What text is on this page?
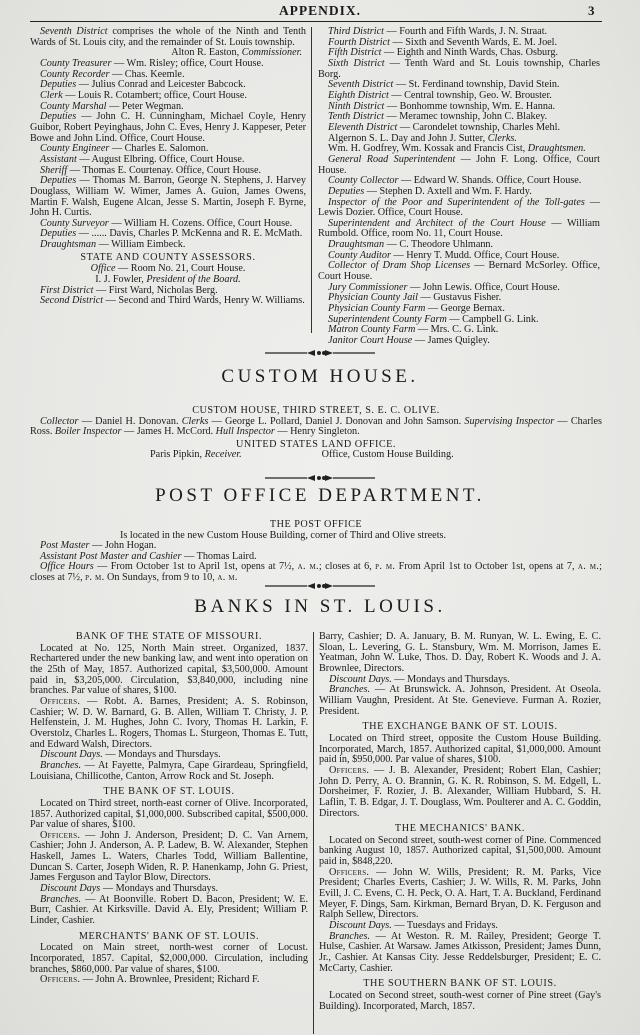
APPENDIX.	3

Seventh District comprises the whole of the Ninth and Tenth Wards of St. Louis city, and the remainder of St. Louis township.

Alton R. Easton, Commissioner.

County Treasurer — Wm. Risley; office, Court House.

County Recorder — Chas. Keemle.

Deputies — Julius Conrad and Leicester Babcock.

Clerk — Louis R. Cotambert; office, Court House.

County Marshal — Peter Wegman.

Deputies — John C. H. Cunningham, Michael Coyle, Henry Guibor, Robert Peyinghaus, John C. Eves, Henry J. Kappeser, Peter Bowe and John Lind. Office, Court House.

County Engineer — Charles E. Salomon.

Assistant — August Elbring. Office, Court House.

Sheriff — Thomas E. Courtenay. Office, Court House.

Deputies — Thomas M. Barron, George N. Stephens, J. Harvey Douglass, William W. Wimer, James A. Guion, James Owens, Martin F. Walsh, Eugene Alcan, Jesse S. Martin, Joseph F. Byrne, John H. Curtis.

County Surveyor — William H. Cozens. Office, Court House.

Deputies — ...... Davis, Charles P. McKenna and R. E. McMath.

Draughtsman — William Eimbeck.

STATE AND COUNTY ASSESSORS.

Office — Room No. 21, Court House.

I. J. Fowler, President of the Board.

First District — First Ward, Nicholas Berg.

Second District — Second and Third Wards, Henry W. Williams.

Third District — Fourth and Fifth Wards, J. N. Straat.

Fourth District — Sixth and Seventh Wards, E. M. Joel.

Fifth District — Eighth and Ninth Wards, Chas. Osburg.

Sixth District — Tenth Ward and St. Louis township, Charles Borg.

Seventh District — St. Ferdinand township, David Stein.

Eighth District — Central township, Geo. W. Brouster.

Ninth District — Bonhomme township, Wm. E. Hanna.

Tenth District — Meramec township, John C. Blakey.

Eleventh District — Carondelet township, Charles Mehl.

Algernon S. L. Day and John J. Sutter, Clerks.

Wm. H. Godfrey, Wm. Kossak and Francis Cist, Draughtsmen.

General Road Superintendent — John F. Long. Office, Court House.

County Collector — Edward W. Shands. Office, Court House.

Deputies — Stephen D. Axtell and Wm. F. Hardy.

Inspector of the Poor and Superintendent of the Toll-gates — Lewis Dozier. Office, Court House.

Superintendent and Architect of the Court House — William Rumbold. Office, room No. 11, Court House.

Draughtsman — C. Theodore Uhlmann.

County Auditor — Henry T. Mudd. Office, Court House.

Collector of Dram Shop Licenses — Bernard McSorley. Office, Court House.

Jury Commissioner — John Lewis. Office, Court House.

Physician County Jail — Gustavus Fisher.

Physician County Farm — George Bernax.

Superintendent County Farm — Campbell G. Link.

Matron County Farm — Mrs. C. G. Link.

Janitor Court House — James Quigley.

CUSTOM HOUSE.

CUSTOM HOUSE, THIRD STREET, S. E. C. OLIVE.

Collector — Daniel H. Donovan. Clerks — George L. Pollard, Daniel J. Donovan and John Samson. Supervising Inspector — Charles Ross. Boiler Inspector — James H. McCord. Hull Inspector — Henry Singleton.

UNITED STATES LAND OFFICE.

Paris Pipkin, Receiver.	Office, Custom House Building.

POST OFFICE DEPARTMENT.

THE POST OFFICE

Is located in the new Custom House Building, corner of Third and Olive streets.

Post Master — John Hogan.

Assistant Post Master and Cashier — Thomas Laird.

Office Hours — From October 1st to April 1st, opens at 7½, a. m.; closes at 6, p. m. From April 1st to October 1st, opens at 7, a. m.; closes at 7½, p. m. On Sundays, from 9 to 10, a. m.

BANKS IN ST. LOUIS.

BANK OF THE STATE OF MISSOURI.

Located at No. 125, North Main street. Organized, 1837. Rechartered under the new banking law, and went into operation on the 25th of May, 1857. Authorized capital, $3,500,000. Amount paid in, $3,205,000. Circulation, $3,840,000, including nine branches. Par value of shares, $100.

Officers. — Robt. A. Barnes, President; A. S. Robinson, Cashier; W. D. W. Barnard, G. B. Allen, William T. Christy, J. P. Helfenstein, J. M. Hughes, John C. Ivory, Thomas H. Larkin, F. Overstolz, Charles L. Rogers, Thomas L. Sturgeon, Thomas E. Tutt, and Edward Walsh, Directors.

Discount Days. — Mondays and Thursdays.

Branches. — At Fayette, Palmyra, Cape Girardeau, Springfield, Louisiana, Chillicothe, Canton, Arrow Rock and St. Joseph.

THE BANK OF ST. LOUIS.

Located on Third street, north-east corner of Olive. Incorporated, 1857. Authorized capital, $1,000,000. Subscribed capital, $500,000. Par value of shares, $100.

Officers. — John J. Anderson, President; D. C. Van Arnem, Cashier; John J. Anderson, A. P. Ladew, B. W. Alexander, Stephen Haskell, James L. Waters, Charles Todd, William Ballentine, Duncan S. Carter, Joseph Widen, R. P. Hanenkamp, John G. Priest, James Ferguson and Taylor Blow, Directors.

Discount Days — Mondays and Thursdays.

Branches. — At Boonville. Robert D. Bacon, President; W. E. Burr, Cashier. At Kirksville. David A. Ely, President; William P. Linder, Cashier.

MERCHANTS' BANK OF ST. LOUIS.

Located on Main street, north-west corner of Locust. Incorporated, 1857. Capital, $2,000,000. Circulation, including branches, $860,000. Par value of shares, $100.

Officers. — John A. Brownlee, President; Richard F.

Barry, Cashier; D. A. January, B. M. Runyan, W. L. Ewing, E. C. Sloan, L. Levering, G. L. Stansbury, Wm. M. Morrison, James E. Yeatman, John W. Luke, Thos. D. Day, Robert K. Woods and J. A. Brownlee, Directors.

Discount Days. — Mondays and Thursdays.

Branches. — At Brunswick. A. Johnson, President. At Oseola. William Vaughn, President. At Ste. Genevieve. Furman A. Rozier, President.

THE EXCHANGE BANK OF ST. LOUIS.

Located on Third street, opposite the Custom House Building. Incorporated, March, 1857. Authorized capital, $1,000,000. Amount paid in, $950,000. Par value of shares, $100.

Officers. — J. B. Alexander, President; Robert Elan, Cashier; John D. Perry, A. O. Brannin, G. K. R. Robinson, S. M. Edgell, L. Dorsheimer, F. Rozier, J. B. Alexander, William Hubbard, S. H. Laflin, T. B. Edgar, J. T. Douglass, Wm. Poulterer and A. C. Goddin, Directors.

THE MECHANICS' BANK.

Located on Second street, south-west corner of Pine. Commenced banking August 10, 1857. Authorized capital, $1,500,000. Amount paid in, $848,220.

Officers. — John W. Wills, President; R. M. Parks, Vice President; Charles Everts, Cashier; J. W. Wills, R. M. Parks, John Evill, J. C. Evens, C. H. Peck, O. A. Hart, T. A. Buckland, Ferdinand Meyer, F. Dings, Sam. Kirkman, Bernard Bryan, D. K. Ferguson and Ralph Sellew, Directors.

Discount Days. — Tuesdays and Fridays.

Branches. — At Weston. R. M. Railey, President; George T. Hulse, Cashier. At Warsaw. James Atkisson, President; James Dunn, Jr., Cashier. At Kansas City. Jesse Reddelsburger, President; E. C. McCarty, Cashier.

THE SOUTHERN BANK OF ST. LOUIS.

Located on Second street, south-west corner of Pine street (Gay's Building). Incorporated, March, 1857.
